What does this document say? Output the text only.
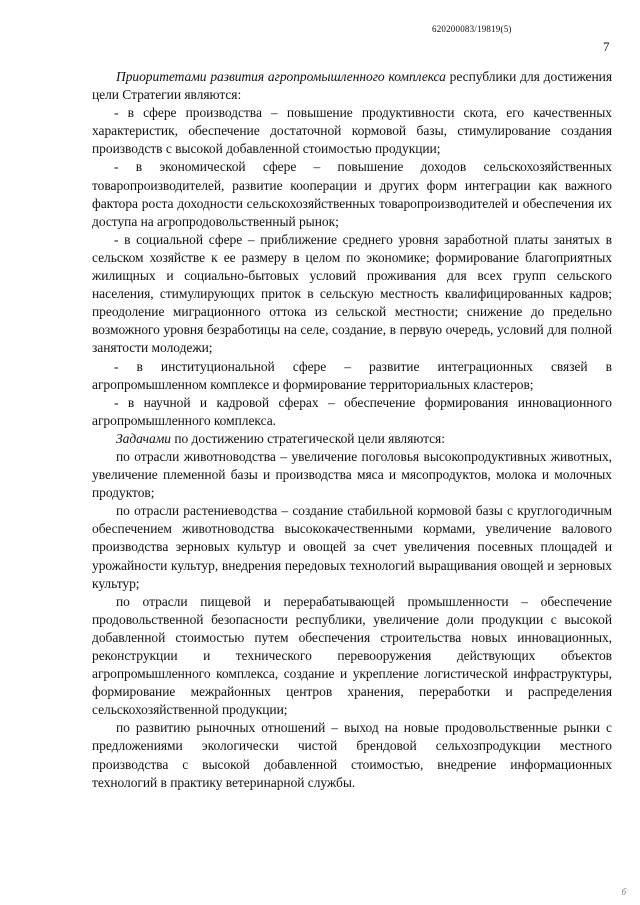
620200083/19819(5)
7

Приоритетами развития агропромышленного комплекса республики для достижения цели Стратегии являются:

- в сфере производства – повышение продуктивности скота, его качественных характеристик, обеспечение достаточной кормовой базы, стимулирование создания производств с высокой добавленной стоимостью продукции;

- в экономической сфере – повышение доходов сельскохозяйственных товаропроизводителей, развитие кооперации и других форм интеграции как важного фактора роста доходности сельскохозяйственных товаропроизводителей и обеспечения их доступа на агропродовольственный рынок;

- в социальной сфере – приближение среднего уровня заработной платы занятых в сельском хозяйстве к ее размеру в целом по экономике; формирование благоприятных жилищных и социально-бытовых условий проживания для всех групп сельского населения, стимулирующих приток в сельскую местность квалифицированных кадров; преодоление миграционного оттока из сельской местности; снижение до предельно возможного уровня безработицы на селе, создание, в первую очередь, условий для полной занятости молодежи;

- в институциональной сфере – развитие интеграционных связей в агропромышленном комплексе и формирование территориальных кластеров;

- в научной и кадровой сферах – обеспечение формирования инновационного агропромышленного комплекса.

Задачами по достижению стратегической цели являются:

по отрасли животноводства – увеличение поголовья высокопродуктивных животных, увеличение племенной базы и производства мяса и мясопродуктов, молока и молочных продуктов;

по отрасли растениеводства – создание стабильной кормовой базы с круглогодичным обеспечением животноводства высококачественными кормами, увеличение валового производства зерновых культур и овощей за счет увеличения посевных площадей и урожайности культур, внедрения передовых технологий выращивания овощей и зерновых культур;

по отрасли пищевой и перерабатывающей промышленности – обеспечение продовольственной безопасности республики, увеличение доли продукции с высокой добавленной стоимостью путем обеспечения строительства новых инновационных, реконструкции и технического перевооружения действующих объектов агропромышленного комплекса, создание и укрепление логистической инфраструктуры, формирование межрайонных центров хранения, переработки и распределения сельскохозяйственной продукции;

по развитию рыночных отношений – выход на новые продовольственные рынки с предложениями экологически чистой брендовой сельхозпродукции местного производства с высокой добавленной стоимостью, внедрение информационных технологий в практику ветеринарной службы.

б
